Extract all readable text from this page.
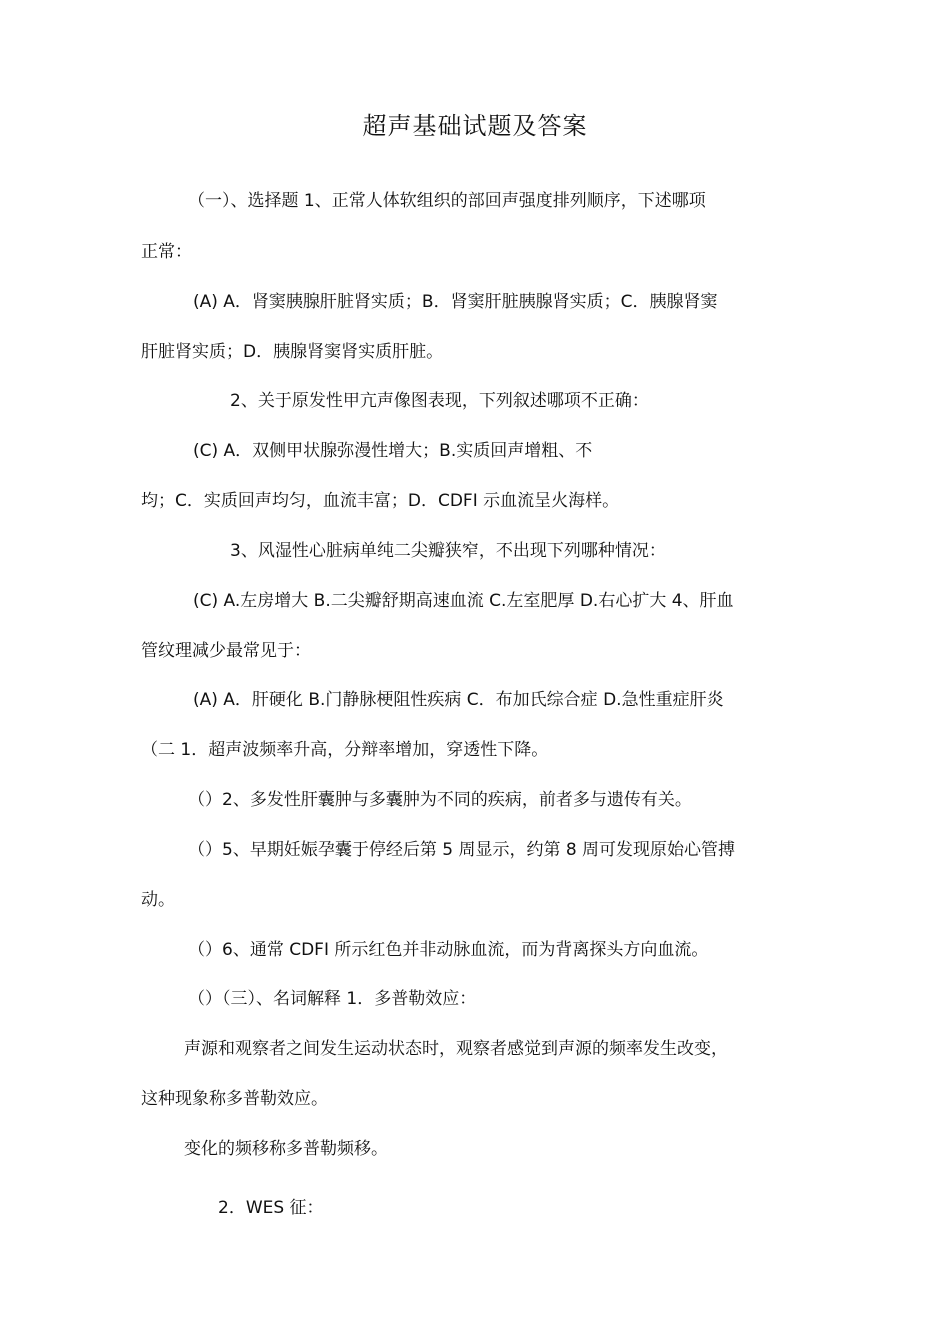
超声基础试题及答案
（一）、选择题 1、正常人体软组织的部回声强度排列顺序，下述哪项
正常：
(A) A．肾窦胰腺肝脏肾实质；B．肾窦肝脏胰腺肾实质；C．胰腺肾窦
肝脏肾实质；D．胰腺肾窦肾实质肝脏。
2、关于原发性甲亢声像图表现，下列叙述哪项不正确：
(C) A．双侧甲状腺弥漫性增大；B.实质回声增粗、不
均；C．实质回声均匀，血流丰富；D．CDFI 示血流呈火海样。
3、风湿性心脏病单纯二尖瓣狭窄，不出现下列哪种情况：
(C) A.左房增大 B.二尖瓣舒期高速血流 C.左室肥厚 D.右心扩大 4、肝血
管纹理减少最常见于：
(A) A．肝硬化 B.门静脉梗阻性疾病 C．布加氏综合症 D.急性重症肝炎
（二 1．超声波频率升高，分辩率增加，穿透性下降。
（）2、多发性肝囊肿与多囊肿为不同的疾病，前者多与遗传有关。
（）5、早期妊娠孕囊于停经后第 5 周显示，约第 8 周可发现原始心管搏
动。
（）6、通常 CDFI 所示红色并非动脉血流，而为背离探头方向血流。
（）（三）、名词解释 1．多普勒效应：
声源和观察者之间发生运动状态时，观察者感觉到声源的频率发生改变，
这种现象称多普勒效应。
变化的频移称多普勒频移。
2．WES 征：
